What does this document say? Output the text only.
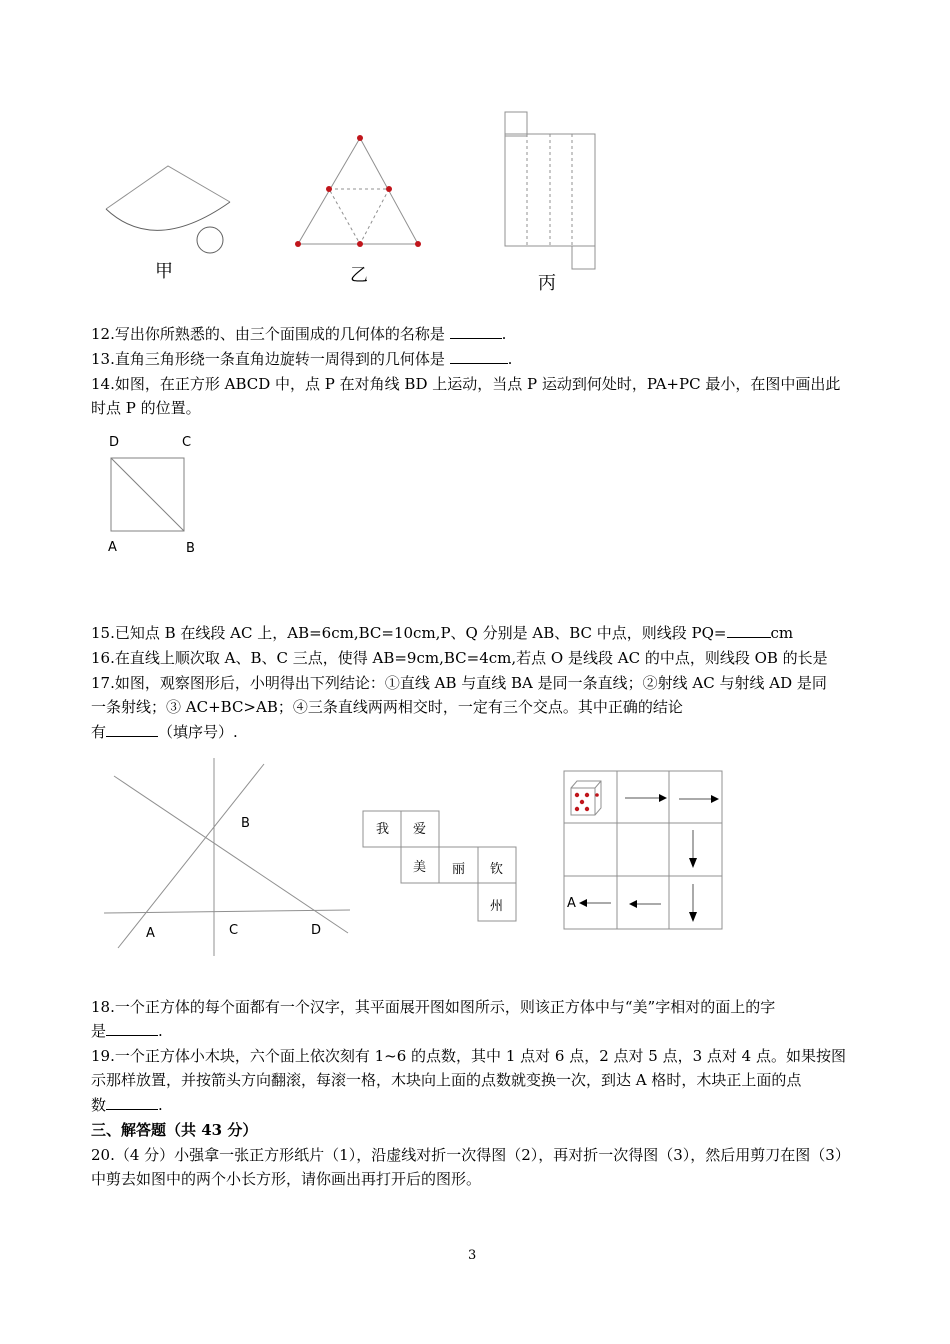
甲	乙	丙
12.写出你所熟悉的、由三个面围成的几何体的名称是	.
13.直角三角形绕一条直角边旋转一周得到的几何体是	.
14.如图，在正方形 ABCD 中，点 P 在对角线 BD 上运动，当点 P 运动到何处时，PA+PC 最小，在图中画出此
时点 P 的位置。
D	C
A	B
15.已知点 B 在线段 AC 上，AB=6cm,BC=10cm,P、Q 分别是 AB、BC 中点，则线段 PQ=	cm
16.在直线上顺次取 A、B、C 三点，使得 AB=9cm,BC=4cm,若点 O 是线段 AC 的中点，则线段 OB 的长是
17.如图，观察图形后，小明得出下列结论：①直线 AB 与直线 BA 是同一条直线；②射线 AC 与射线 AD 是同
一条射线；③ AC+BC>AB；④三条直线两两相交时，一定有三个交点。其中正确的结论
有	（填序号）.
B
A	C	D
我 爱
美 丽 钦
州	A
18.一个正方体的每个面都有一个汉字，其平面展开图如图所示，则该正方体中与“美”字相对的面上的字
是	.
19.一个正方体小木块，六个面上依次刻有 1~6 的点数，其中 1 点对 6 点，2 点对 5 点，3 点对 4 点。如果按图
示那样放置，并按箭头方向翻滚，每滚一格，木块向上面的点数就变换一次，到达 A 格时，木块正上面的点
数	.
三、解答题（共 43 分）
20.（4 分）小强拿一张正方形纸片（1），沿虚线对折一次得图（2），再对折一次得图（3），然后用剪刀在图（3）
中剪去如图中的两个小长方形，请你画出再打开后的图形。
3
